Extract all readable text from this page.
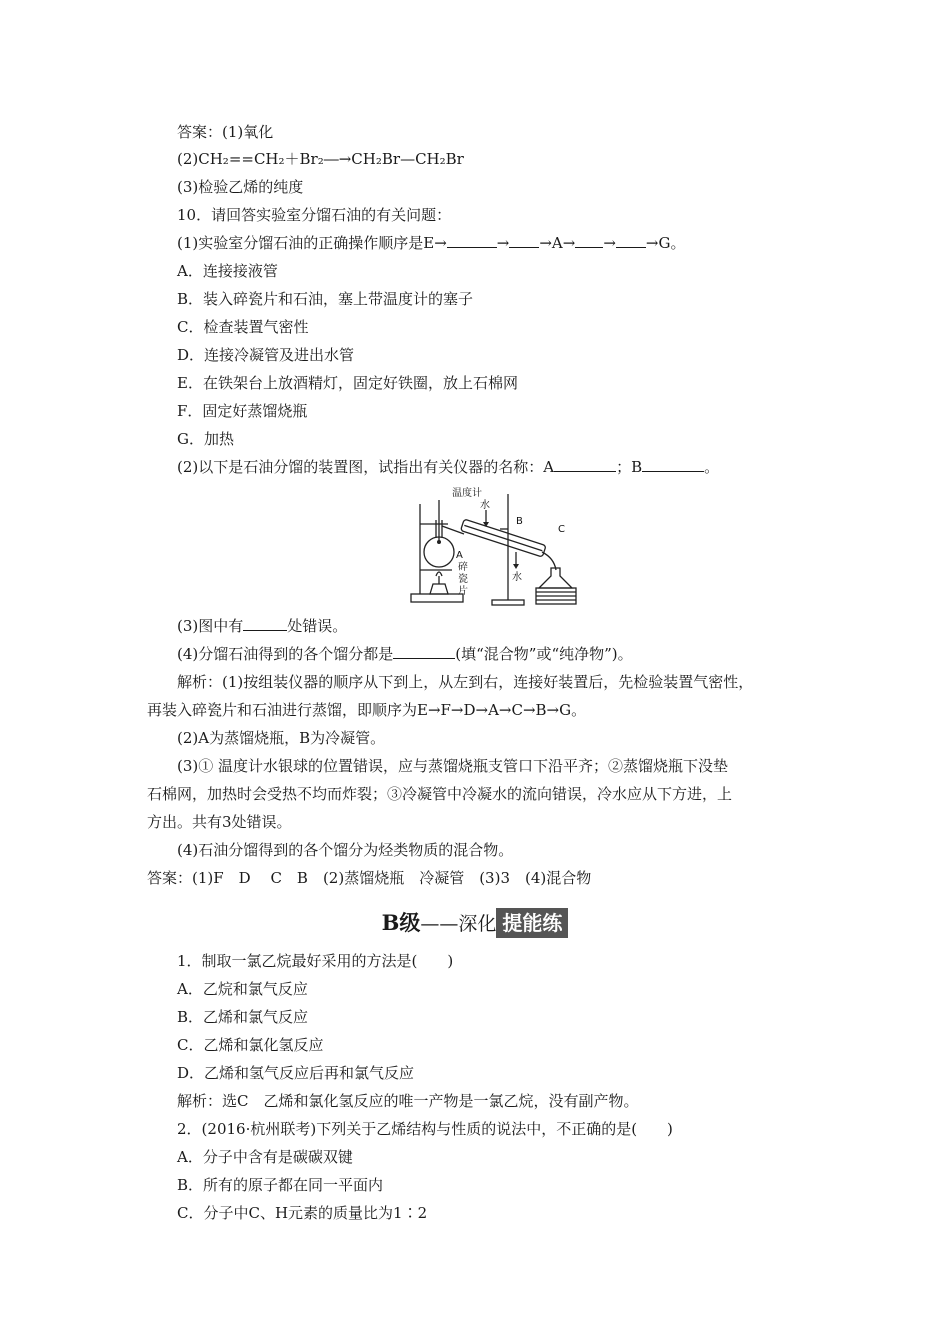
答案：(1)氧化
(2)CH₂==CH₂＋Br₂―→CH₂Br—CH₂Br
(3)检验乙烯的纯度
10．请回答实验室分馏石油的有关问题：
(1)实验室分馏石油的正确操作顺序是E→	→ →A→ → →G。
A．连接接液管
B．装入碎瓷片和石油，塞上带温度计的塞子
C．检查装置气密性
D．连接冷凝管及进出水管
E．在铁架台上放酒精灯，固定好铁圈，放上石棉网
F．固定好蒸馏烧瓶
G．加热
(2)以下是石油分馏的装置图，试指出有关仪器的名称：A	；B	。
温度计
水
B
C
A
碎
瓷
片
水
(3)图中有	处错误。
(4)分馏石油得到的各个馏分都是	(填“混合物”或“纯净物”)。
解析：(1)按组装仪器的顺序从下到上，从左到右，连接好装置后，先检验装置气密性，
再装入碎瓷片和石油进行蒸馏，即顺序为E→F→D→A→C→B→G。
(2)A为蒸馏烧瓶，B为冷凝管。
(3)① 温度计水银球的位置错误，应与蒸馏烧瓶支管口下沿平齐；②蒸馏烧瓶下没垫
石棉网，加热时会受热不均而炸裂；③冷凝管中冷凝水的流向错误，冷水应从下方进，上
方出。共有3处错误。
(4)石油分馏得到的各个馏分为烃类物质的混合物。
答案：(1)F　D　 C　B　(2)蒸馏烧瓶　冷凝管　(3)3　(4)混合物
B级——深化 提能练
1．制取一氯乙烷最好采用的方法是(　　)
A．乙烷和氯气反应
B．乙烯和氯气反应
C．乙烯和氯化氢反应
D．乙烯和氢气反应后再和氯气反应
解析：选C　乙烯和氯化氢反应的唯一产物是一氯乙烷，没有副产物。
2．(2016·杭州联考)下列关于乙烯结构与性质的说法中，不正确的是(　　)
A．分子中含有是碳碳双键
B．所有的原子都在同一平面内
C．分子中C、H元素的质量比为1∶2
